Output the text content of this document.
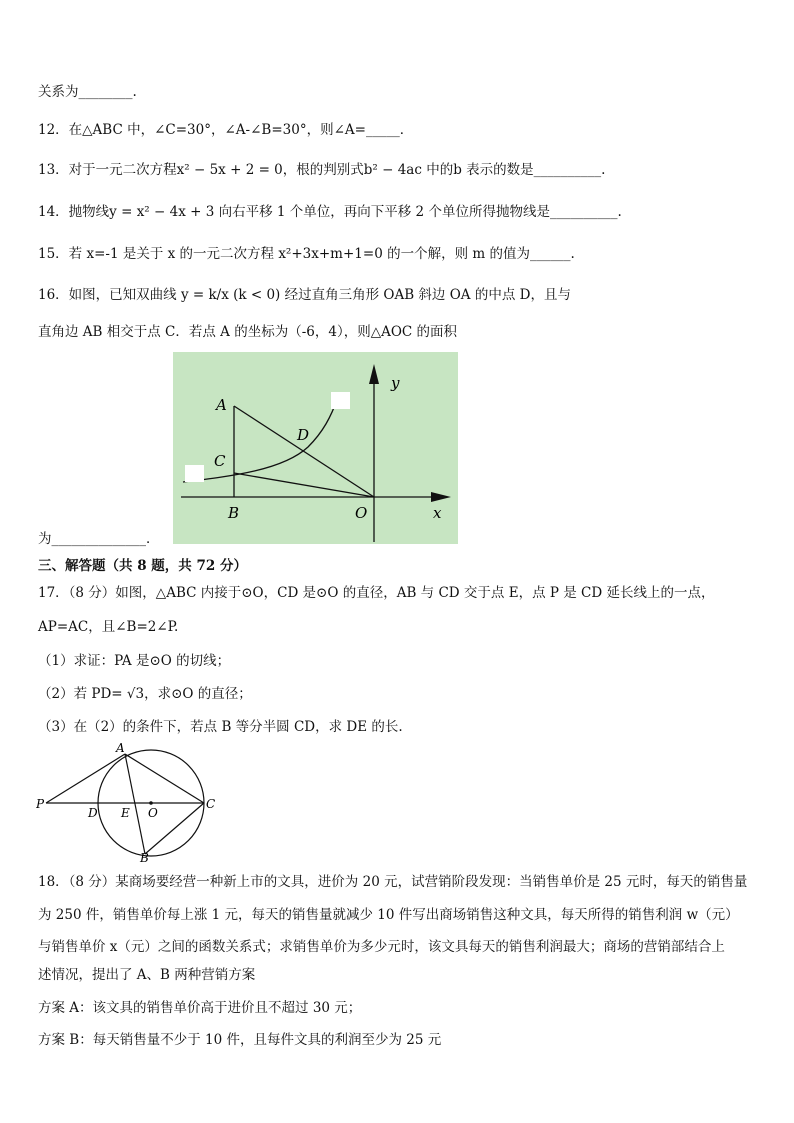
关系为________.
12．在△ABC 中，∠C=30°，∠A-∠B=30°，则∠A=_____．
13．对于一元二次方程x² − 5x + 2 = 0，根的判别式b² − 4ac 中的b 表示的数是__________.
14．抛物线y = x² − 4x + 3 向右平移 1 个单位，再向下平移 2 个单位所得抛物线是__________.
15．若 x=-1 是关于 x 的一元二次方程 x²+3x+m+1=0 的一个解，则 m 的值为______.
16．如图，已知双曲线 y = k/x (k < 0) 经过直角三角形 OAB 斜边 OA 的中点 D，且与
直角边 AB 相交于点 C．若点 A 的坐标为（-6，4），则△AOC 的面积
A
C
D
B	O	x
y
为______________．
三、解答题（共 8 题，共 72 分）
17．（8 分）如图，△ABC 内接于⊙O，CD 是⊙O 的直径，AB 与 CD 交于点 E，点 P 是 CD 延长线上的一点，
AP=AC，且∠B=2∠P.
（1）求证：PA 是⊙O 的切线；
（2）若 PD= √3，求⊙O 的直径；
（3）在（2）的条件下，若点 B 等分半圆 CD，求 DE 的长.
A
B
P	C
D E O
18．（8 分）某商场要经营一种新上市的文具，进价为 20 元，试营销阶段发现：当销售单价是 25 元时，每天的销售量
为 250 件，销售单价每上涨 1 元，每天的销售量就减少 10 件写出商场销售这种文具，每天所得的销售利润 w（元）
与销售单价 x（元）之间的函数关系式；求销售单价为多少元时，该文具每天的销售利润最大；商场的营销部结合上
述情况，提出了 A、B 两种营销方案
方案 A：该文具的销售单价高于进价且不超过 30 元；
方案 B：每天销售量不少于 10 件，且每件文具的利润至少为 25 元
